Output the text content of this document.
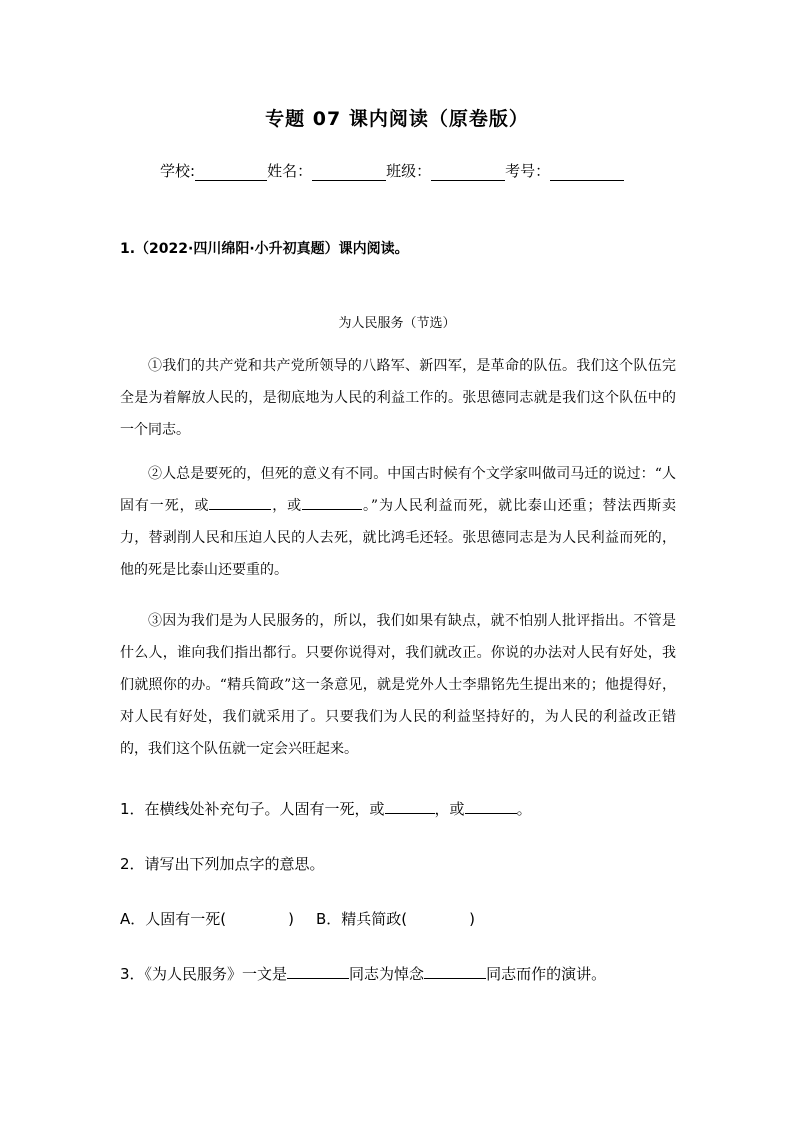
专题 07 课内阅读（原卷版）
学校:	姓名：	班级：	考号：
1.（2022·四川绵阳·小升初真题）课内阅读。
为人民服务（节选）
①我们的共产党和共产党所领导的八路军、新四军，是革命的队伍。我们这个队伍完全是为着解放人民的，是彻底地为人民的利益工作的。张思德同志就是我们这个队伍中的一个同志。
②人总是要死的，但死的意义有不同。中国古时候有个文学家叫做司马迁的说过：“人固有一死，或	，或	。”为人民利益而死，就比泰山还重；替法西斯卖力，替剥削人民和压迫人民的人去死，就比鸿毛还轻。张思德同志是为人民利益而死的，他的死是比泰山还要重的。
③因为我们是为人民服务的，所以，我们如果有缺点，就不怕别人批评指出。不管是什么人，谁向我们指出都行。只要你说得对，我们就改正。你说的办法对人民有好处，我们就照你的办。“精兵简政”这一条意见，就是党外人士李鼎铭先生提出来的；他提得好，对人民有好处，我们就采用了。只要我们为人民的利益坚持好的，为人民的利益改正错的，我们这个队伍就一定会兴旺起来。
1．在横线处补充句子。人固有一死，或	，或	。
2．请写出下列加点字的意思。
A．人固有一死(	) B．精兵简政(	)
3．《为人民服务》一文是	同志为悼念	同志而作的演讲。
